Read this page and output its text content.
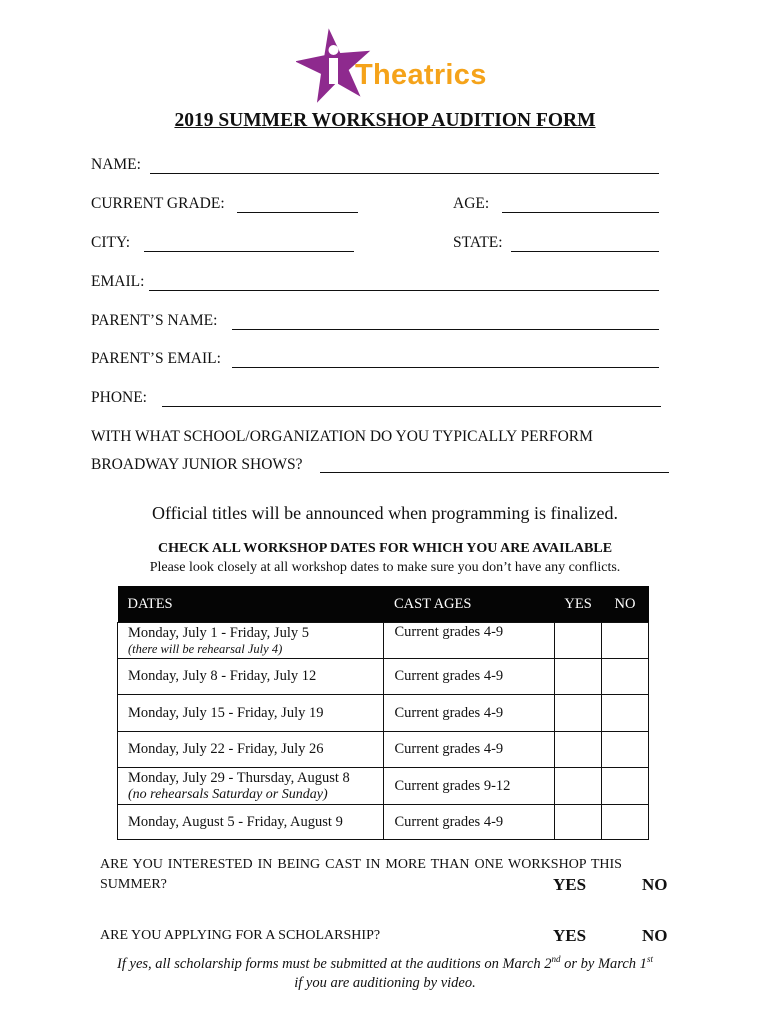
Theatrics
2019 SUMMER WORKSHOP AUDITION FORM
NAME:
CURRENT GRADE:	AGE:
CITY:	STATE:
EMAIL:
PARENT’S NAME:
PARENT’S EMAIL:
PHONE:
WITH WHAT SCHOOL/ORGANIZATION DO YOU TYPICALLY PERFORM
BROADWAY JUNIOR SHOWS?
Official titles will be announced when programming is finalized.
CHECK ALL WORKSHOP DATES FOR WHICH YOU ARE AVAILABLE
Please look closely at all workshop dates to make sure you don’t have any conflicts.
DATES	CAST AGES	YES	NO

Monday, July 1 - Friday, July 5
(there will be rehearsal July 4)	Current grades 4-9		
Monday, July 8 - Friday, July 12	Current grades 4-9		
Monday, July 15 - Friday, July 19	Current grades 4-9		
Monday, July 22 - Friday, July 26	Current grades 4-9		

Monday, July 29 - Thursday, August 8
(no rehearsals Saturday or Sunday)	Current grades 9-12		
Monday, August 5 - Friday, August 9	Current grades 4-9		
ARE YOU INTERESTED IN BEING CAST IN MORE THAN ONE WORKSHOP THIS
SUMMER?	YES	NO
ARE YOU APPLYING FOR A SCHOLARSHIP?	YES	NO
If yes, all scholarship forms must be submitted at the auditions on March 2nd or by March 1st
if you are auditioning by video.
